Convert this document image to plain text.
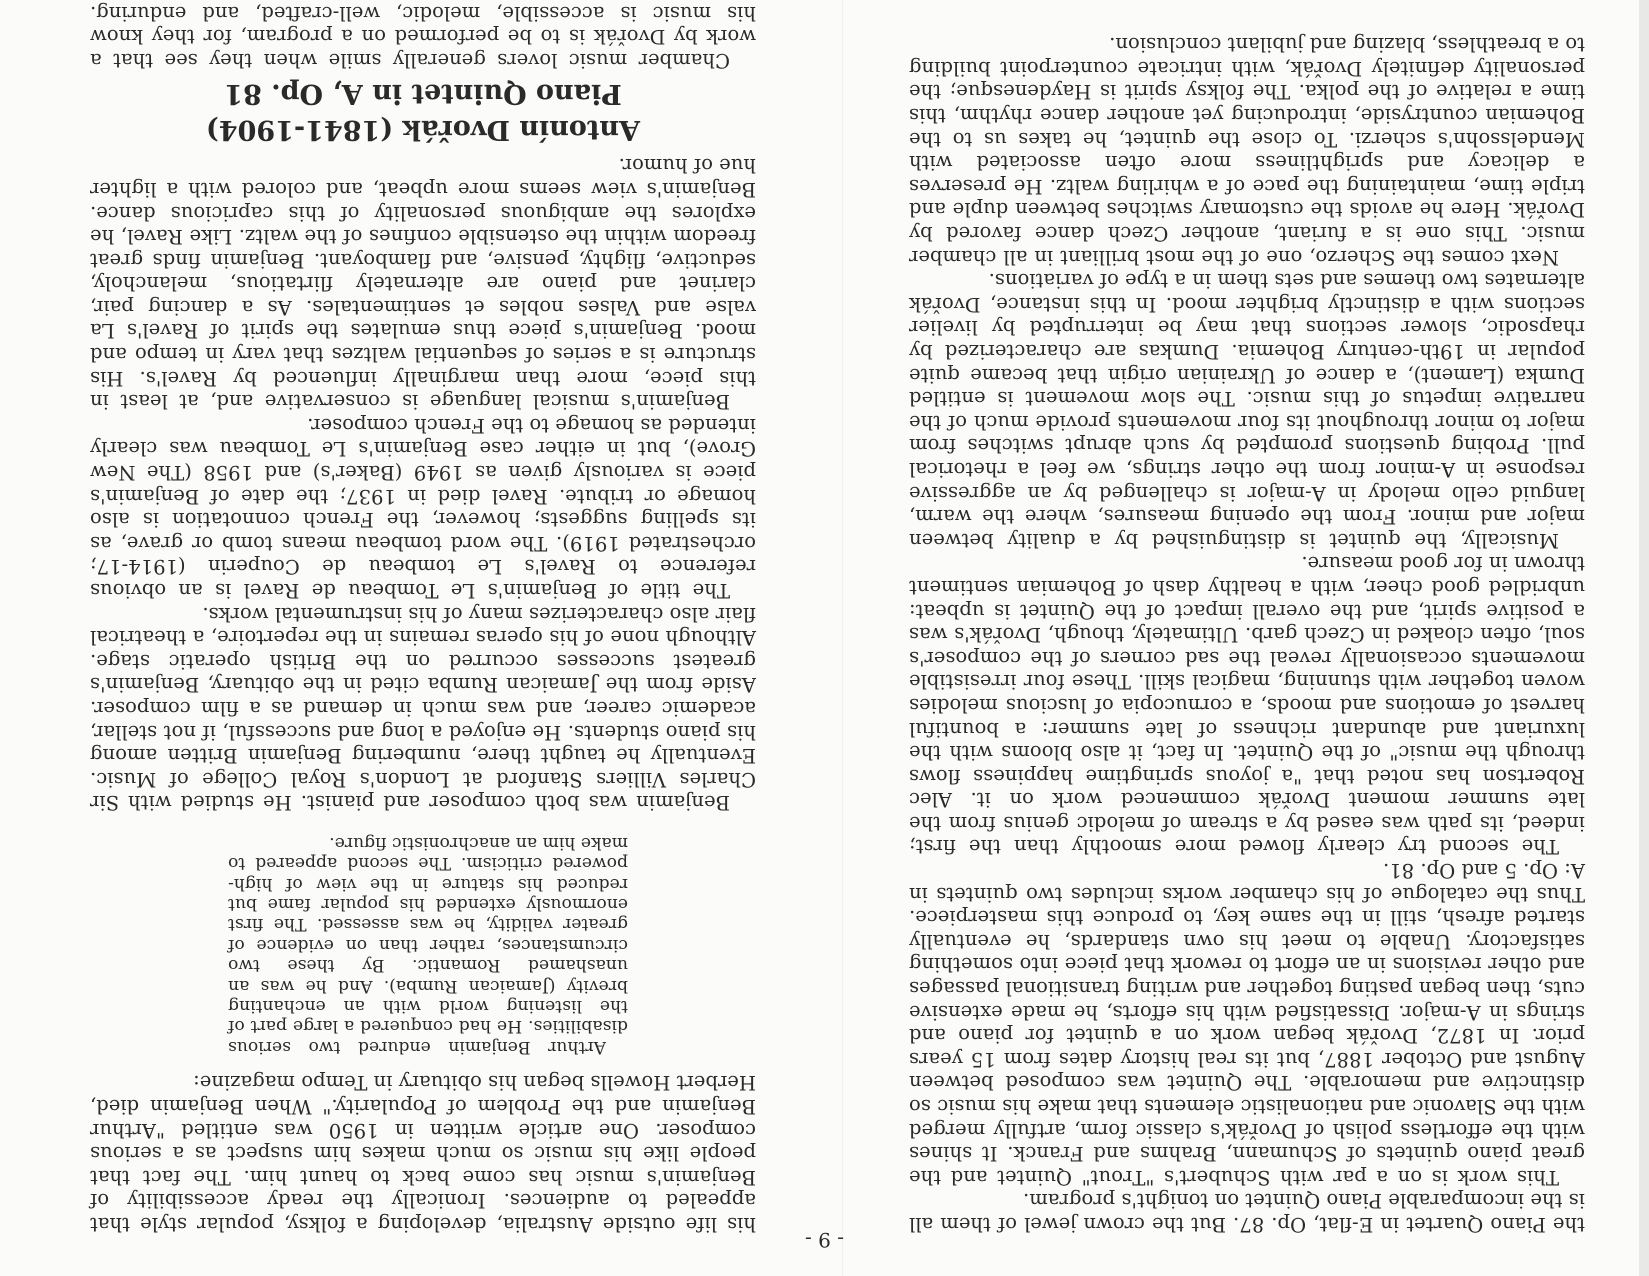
- 9 -

the Piano Quartet in E-flat, Op. 87. But the crown jewel of them all is the incomparable Piano Quintet on tonight's program.

This work is on a par with Schubert's "Trout" Quintet and the great piano quintets of Schumann, Brahms and Franck. It shines with the effortless polish of Dvořák's classic form, artfully merged with the Slavonic and nationalistic elements that make his music so distinctive and memorable. The Quintet was composed between August and October 1887, but its real history dates from 15 years prior. In 1872, Dvořák began work on a quintet for piano and strings in A-major. Dissatisfied with his efforts, he made extensive cuts, then began pasting together and writing transitional passages and other revisions in an effort to rework that piece into something satisfactory. Unable to meet his own standards, he eventually started afresh, still in the same key, to produce this masterpiece. Thus the catalogue of his chamber works includes two quintets in A: Op. 5 and Op. 81.

The second try clearly flowed more smoothly than the first; indeed, its path was eased by a stream of melodic genius from the late summer moment Dvořák commenced work on it. Alec Robertson has noted that "a joyous springtime happiness flows through the music" of the Quintet. In fact, it also blooms with the luxuriant and abundant richness of late summer: a bountiful harvest of emotions and moods, a cornucopia of luscious melodies woven together with stunning, magical skill. These four irresistible movements occasionally reveal the sad corners of the composer's soul, often cloaked in Czech garb. Ultimately, though, Dvořák's was a positive spirit, and the overall impact of the Quintet is upbeat: unbridled good cheer, with a healthy dash of Bohemian sentiment thrown in for good measure.

Musically, the quintet is distinguished by a duality between major and minor. From the opening measures, where the warm, languid cello melody in A-major is challenged by an aggressive response in A-minor from the other strings, we feel a rhetorical pull. Probing questions prompted by such abrupt switches from major to minor throughout its four movements provide much of the narrative impetus of this music. The slow movement is entitled Dumka (Lament), a dance of Ukrainian origin that became quite popular in 19th-century Bohemia. Dumkas are characterized by rhapsodic, slower sections that may be interrupted by livelier sections with a distinctly brighter mood. In this instance, Dvořák alternates two themes and sets them in a type of variations.

Next comes the Scherzo, one of the most brilliant in all chamber music. This one is a furiant, another Czech dance favored by Dvořák. Here he avoids the customary switches between duple and triple time, maintaining the pace of a whirling waltz. He preserves a delicacy and sprightliness more often associated with Mendelssohn's scherzi. To close the quintet, he takes us to the Bohemian countryside, introducing yet another dance rhythm, this time a relative of the polka. The folksy spirit is Haydenesque; the personality definitely Dvořák, with intricate counterpoint building to a breathless, blazing and jubilant conclusion.

his life outside Australia, developing a folksy, popular style that appealed to audiences. Ironically the ready accessibility of Benjamin's music has come back to haunt him. The fact that people like his music so much makes him suspect as a serious composer. One article written in 1950 was entitled "Arthur Benjamin and the Problem of Popularity." When Benjamin died, Herbert Howells began his obituary in Tempo magazine:

Arthur Benjamin endured two serious disabilities. He had conquered a large part of the listening world with an enchanting brevity (Jamaican Rumba). And he was an unashamed Romantic. By these two circumstances, rather than on evidence of greater validity, he was assessed. The first enormously extended his popular fame but reduced his stature in the view of high-powered criticism. The second appeared to make him an anachronistic figure.

Benjamin was both composer and pianist. He studied with Sir Charles Villiers Stanford at London's Royal College of Music. Eventually he taught there, numbering Benjamin Britten among his piano students. He enjoyed a long and successful, if not stellar, academic career, and was much in demand as a film composer. Aside from the Jamaican Rumba cited in the obituary, Benjamin's greatest successes occurred on the British operatic stage. Although none of his operas remains in the repertoire, a theatrical flair also characterizes many of his instrumental works.

The title of Benjamin's Le Tombeau de Ravel is an obvious reference to Ravel's Le tombeau de Couperin (1914-17; orchestrated 1919). The word tombeau means tomb or grave, as its spelling suggests; however, the French connotation is also homage or tribute. Ravel died in 1937; the date of Benjamin's piece is variously given as 1949 (Baker's) and 1958 (The New Grove), but in either case Benjamin's Le Tombeau was clearly intended as homage to the French composer.

Benjamin's musical language is conservative and, at least in this piece, more than marginally influenced by Ravel's. His structure is a series of sequential waltzes that vary in tempo and mood. Benjamin's piece thus emulates the spirit of Ravel's La valse and Valses nobles et sentimentales. As a dancing pair, clarinet and piano are alternately flirtatious, melancholy, seductive, flighty, pensive, and flamboyant. Benjamin finds great freedom within the ostensible confines of the waltz. Like Ravel, he explores the ambiguous personality of this capricious dance. Benjamin's view seems more upbeat, and colored with a lighter hue of humor.

Antonín Dvořák (1841-1904)
Piano Quintet in A, Op. 81

Chamber music lovers generally smile when they see that a work by Dvořák is to be performed on a program, for they know his music is accessible, melodic, well-crafted, and enduring.
